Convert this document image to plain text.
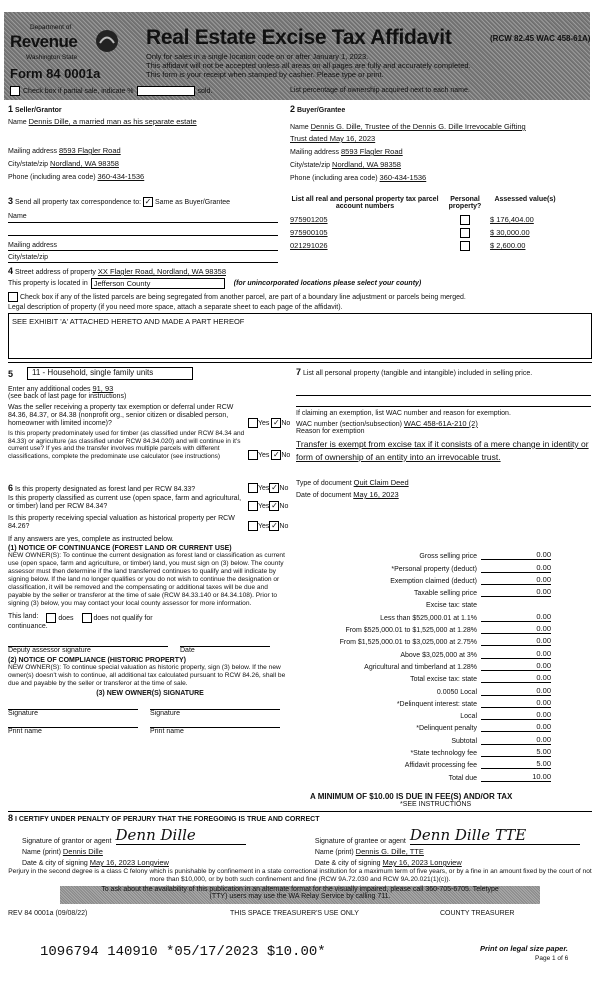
Department of
Revenue
Washington State
Form 84 0001a
Real Estate Excise Tax Affidavit	(RCW 82.45 WAC 458-61A)
Only for sales in a single location code on or after January 1, 2023.
This affidavit will not be accepted unless all areas on all pages are fully and accurately completed.
This form is your receipt when stamped by cashier. Please type or print.
Check box if partial sale, indicate %	sold.	List percentage of ownership acquired next to each name.
1 Seller/Grantor
Name Dennis Dille, a married man as his separate estate
Mailing address 8593 Flagler Road
City/state/zip Nordland, WA 98358
Phone (including area code) 360-434-1536
2 Buyer/Grantee
Name Dennis G. Dille, Trustee of the Dennis G. Dille Irrevocable Gifting
Trust dated May 16, 2023
Mailing address 8593 Flagler Road
City/state/zip Nordland, WA 98358
Phone (including area code) 360-434-1536
3 Send all property tax correspondence to: ✓ Same as Buyer/Grantee
Name
Mailing address
City/state/zip
List all real and personal property tax parcel account numbers
Personal property?
Assessed value(s)
975901205	$ 176,404.00
975900105	$ 30,000.00
021291026	$ 2,600.00
4 Street address of property XX Flagler Road, Nordland, WA 98358
This property is located in Jefferson County	(for unincorporated locations please select your county)
Check box if any of the listed parcels are being segregated from another parcel, are part of a boundary line adjustment or parcels being merged.
Legal description of property (if you need more space, attach a separate sheet to each page of the affidavit).
SEE EXHIBIT 'A' ATTACHED HERETO AND MADE A PART HEREOF
5	11 - Household, single family units
Enter any additional codes 91, 93
(see back of last page for instructions)
Was the seller receiving a property tax exemption or deferral under RCW 84.36, 84.37, or 84.38 (nonprofit org., senior citizen or disabled person, homeowner with limited income)?	Yes ✓ No
Is this property predominately used for timber (as classified under RCW 84.34 and 84.33) or agriculture (as classified under RCW 84.34.020) and will continue in it's current use? If yes and the transfer involves multiple parcels with different classifications, complete the predominate use calculator (see instructions)	Yes ✓ No
6 Is this property designated as forest land per RCW 84.33?	Yes ✓ No
Is this property classified as current use (open space, farm and agricultural, or timber) land per RCW 84.34?	Yes ✓ No
Is this property receiving special valuation as historical property per RCW 84.26?	Yes ✓ No
If any answers are yes, complete as instructed below.
(1) NOTICE OF CONTINUANCE (FOREST LAND OR CURRENT USE)
NEW OWNER(S): To continue the current designation as forest land or classification as current use (open space, farm and agriculture, or timber) land, you must sign on (3) below. The county assessor must then determine if the land transferred continues to qualify and will indicate by signing below. If the land no longer qualifies or you do not wish to continue the designation or classification, it will be removed and the compensating or additional taxes will be due and payable by the seller or transferor at the time of sale (RCW 84.33.140 or 84.34.108). Prior to signing (3) below, you may contact your local county assessor for more information.
This land:	does	does not qualify for
continuance.
Deputy assessor signature	Date
(2) NOTICE OF COMPLIANCE (HISTORIC PROPERTY)
NEW OWNER(S): To continue special valuation as historic property, sign (3) below. If the new owner(s) doesn't wish to continue, all additional tax calculated pursuant to RCW 84.26, shall be due and payable by the seller or transferor at the time of sale.
(3) NEW OWNER(S) SIGNATURE
Signature	Signature
Print name	Print name
7 List all personal property (tangible and intangible) included in selling price.
If claiming an exemption, list WAC number and reason for exemption.
WAC number (section/subsection) WAC 458-61A-210 (2)
Reason for exemption
Transfer is exempt from excise tax if it consists of a mere change in identity or form of ownership of an entity into an irrevocable trust.
Type of document Quit Claim Deed
Date of document May 16, 2023
Gross selling price	0.00
*Personal property (deduct)	0.00
Exemption claimed (deduct)	0.00
Taxable selling price	0.00
Excise tax: state
Less than $525,000.01 at 1.1%	0.00
From $525,000.01 to $1,525,000 at 1.28%	0.00
From $1,525,000.01 to $3,025,000 at 2.75%	0.00
Above $3,025,000 at 3%	0.00
Agricultural and timberland at 1.28%	0.00
Total excise tax: state	0.00
0.0050 Local	0.00
*Delinquent interest: state	0.00
Local	0.00
*Delinquent penalty	0.00
Subtotal	0.00
*State technology fee	5.00
Affidavit processing fee	5.00
Total due	10.00
A MINIMUM OF $10.00 IS DUE IN FEE(S) AND/OR TAX
*SEE INSTRUCTIONS
8 I CERTIFY UNDER PENALTY OF PERJURY THAT THE FOREGOING IS TRUE AND CORRECT
Signature of grantor or agent Denn Dille
Name (print) Dennis Dille
Date & city of signing May 16, 2023 Longview
Signature of grantee or agent Denn Dille TTE
Name (print) Dennis G. Dille, TTE
Date & city of signing May 16, 2023 Longview
Perjury in the second degree is a class C felony which is punishable by confinement in a state correctional institution for a maximum term of five years, or by a fine in an amount fixed by the court of not more than $10,000, or by both such confinement and fine (RCW 9A.72.030 and RCW 9A.20.021(1)(c)).
To ask about the availability of this publication in an alternate format for the visually impaired, please call 360-705-6705. Teletype
(TTY) users may use the WA Relay Service by calling 711.
REV 84 0001a (09/08/22)	THIS SPACE TREASURER'S USE ONLY	COUNTY TREASURER
1096794 140910 *05/17/2023 $10.00*	Print on legal size paper.
Page 1 of 6
